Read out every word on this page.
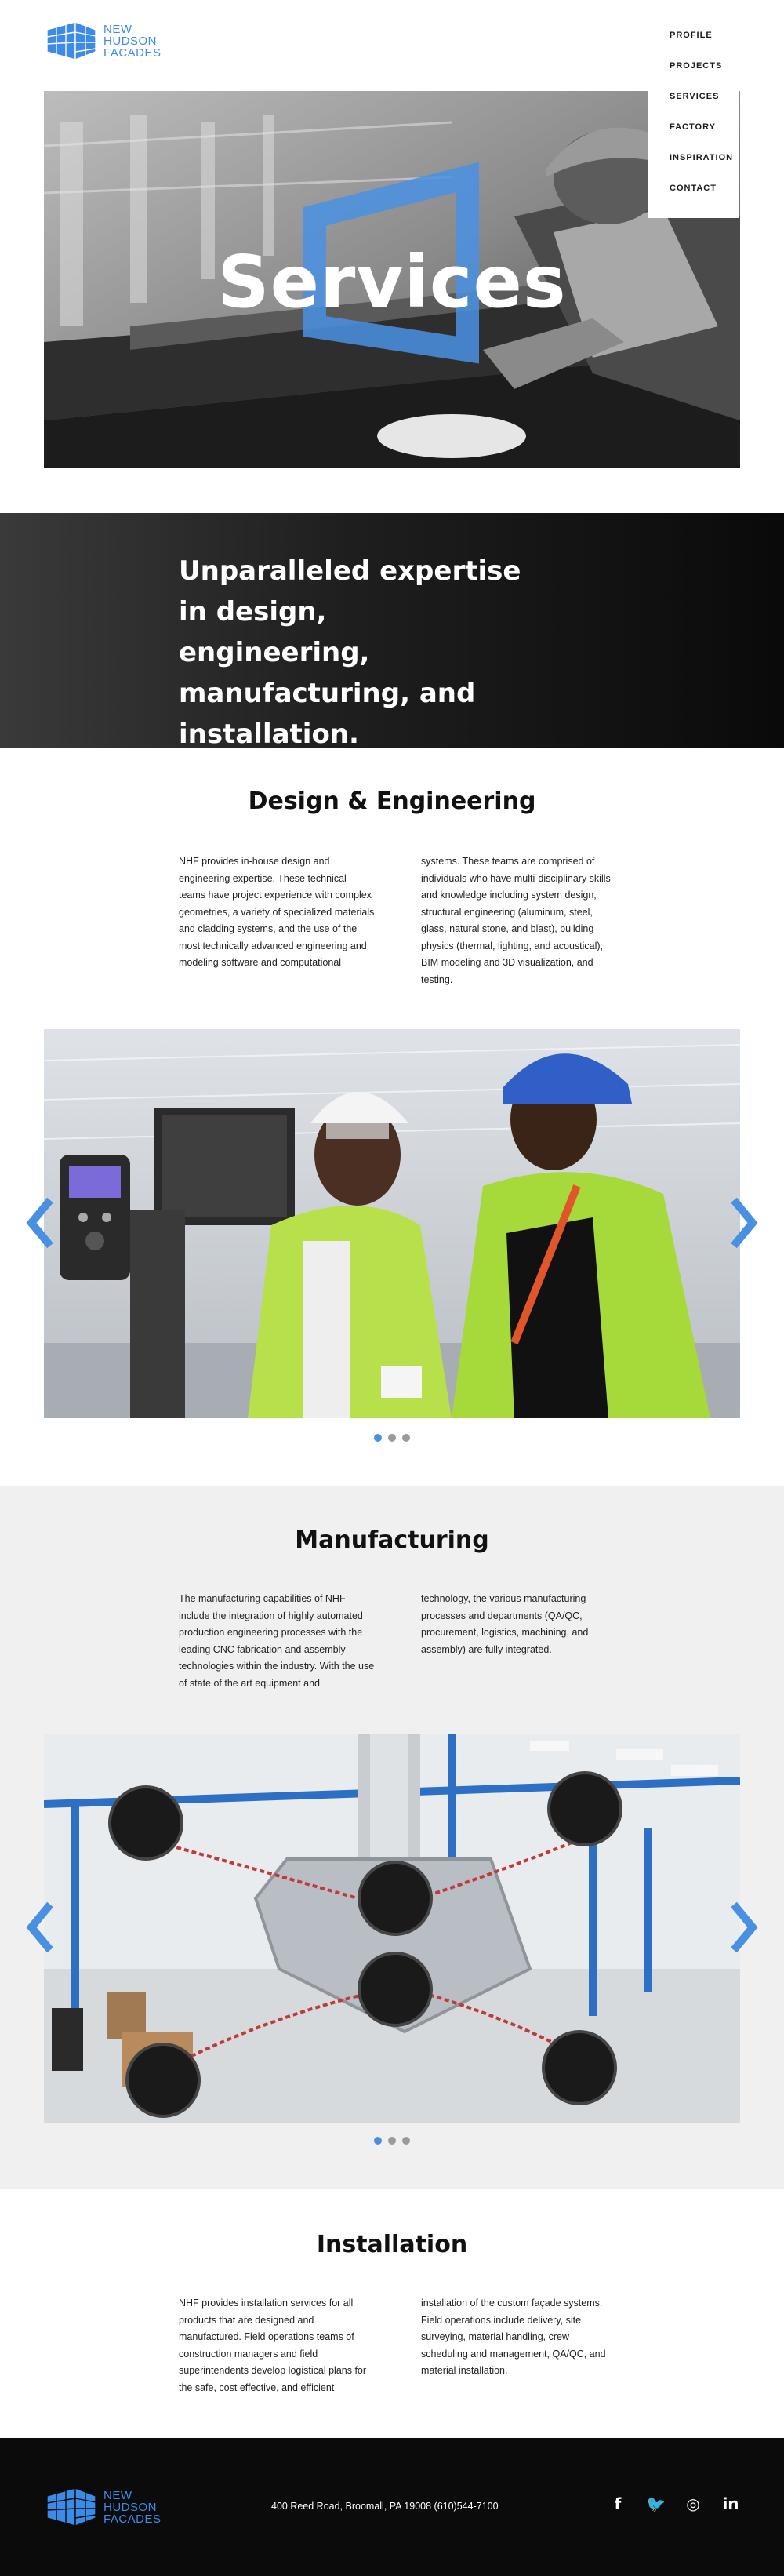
NEW
HUDSON
FACADES
PROFILE
PROJECTS
SERVICES
FACTORY
INSPIRATION
CONTACT
Services

Unparalleled expertise in design, engineering, manufacturing, and installation.

Design & Engineering

NHF provides in-house design and engineering expertise. These technical teams have project experience with complex geometries, a variety of specialized materials and cladding systems, and the use of the most technically advanced engineering and modeling software and computational

systems. These teams are comprised of individuals who have multi-disciplinary skills and knowledge including system design, structural engineering (aluminum, steel, glass, natural stone, and blast), building physics (thermal, lighting, and acoustical), BIM modeling and 3D visualization, and testing.

Manufacturing

The manufacturing capabilities of NHF include the integration of highly automated production engineering processes with the leading CNC fabrication and assembly technologies within the industry. With the use of state of the art equipment and

technology, the various manufacturing processes and departments (QA/QC, procurement, logistics, machining, and assembly) are fully integrated.

Installation

NHF provides installation services for all products that are designed and manufactured. Field operations teams of construction managers and field superintendents develop logistical plans for the safe, cost effective, and efficient

installation of the custom façade systems. Field operations include delivery, site surveying, material handling, crew scheduling and management, QA/QC, and material installation.

NEW
HUDSON
FACADES
400 Reed Road, Broomall, PA 19008 (610)544-7100	f	🐦 ◎ in
